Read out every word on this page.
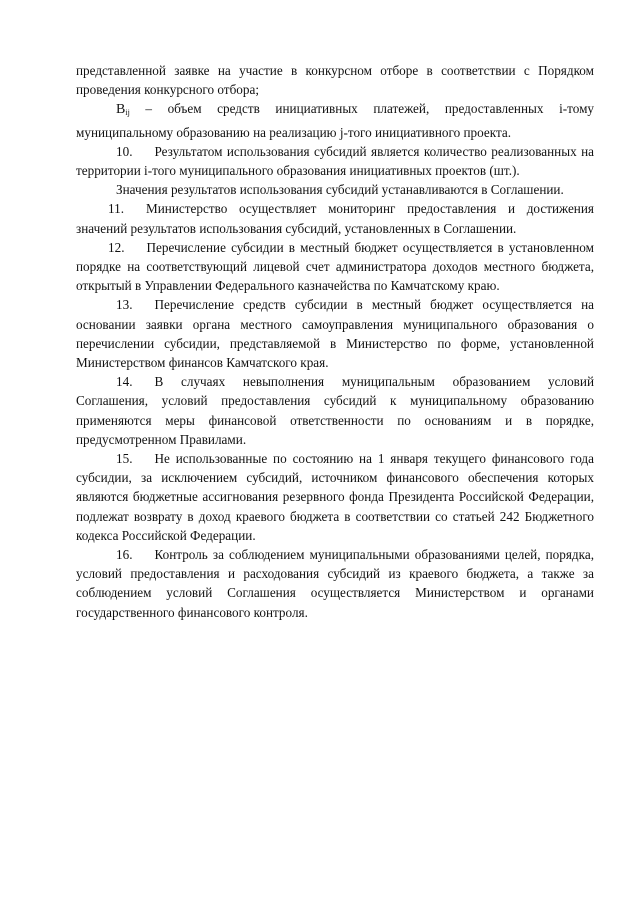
представленной заявке на участие в конкурсном отборе в соответствии с Порядком проведения конкурсного отбора;

$B_{ij}$ – объем средств инициативных платежей, предоставленных i-тому муниципальному образованию на реализацию j-того инициативного проекта.

10. Результатом использования субсидий является количество реализованных на территории i-того муниципального образования инициативных проектов (шт.).

Значения результатов использования субсидий устанавливаются в Соглашении.

11. Министерство осуществляет мониторинг предоставления и достижения значений результатов использования субсидий, установленных в Соглашении.

12. Перечисление субсидии в местный бюджет осуществляется в установленном порядке на соответствующий лицевой счет администратора доходов местного бюджета, открытый в Управлении Федерального казначейства по Камчатскому краю.

13. Перечисление средств субсидии в местный бюджет осуществляется на основании заявки органа местного самоуправления муниципального образования о перечислении субсидии, представляемой в Министерство по форме, установленной Министерством финансов Камчатского края.

14. В случаях невыполнения муниципальным образованием условий Соглашения, условий предоставления субсидий к муниципальному образованию применяются меры финансовой ответственности по основаниям и в порядке, предусмотренном Правилами.

15. Не использованные по состоянию на 1 января текущего финансового года субсидии, за исключением субсидий, источником финансового обеспечения которых являются бюджетные ассигнования резервного фонда Президента Российской Федерации, подлежат возврату в доход краевого бюджета в соответствии со статьей 242 Бюджетного кодекса Российской Федерации.

16. Контроль за соблюдением муниципальными образованиями целей, порядка, условий предоставления и расходования субсидий из краевого бюджета, а также за соблюдением условий Соглашения осуществляется Министерством и органами государственного финансового контроля.
